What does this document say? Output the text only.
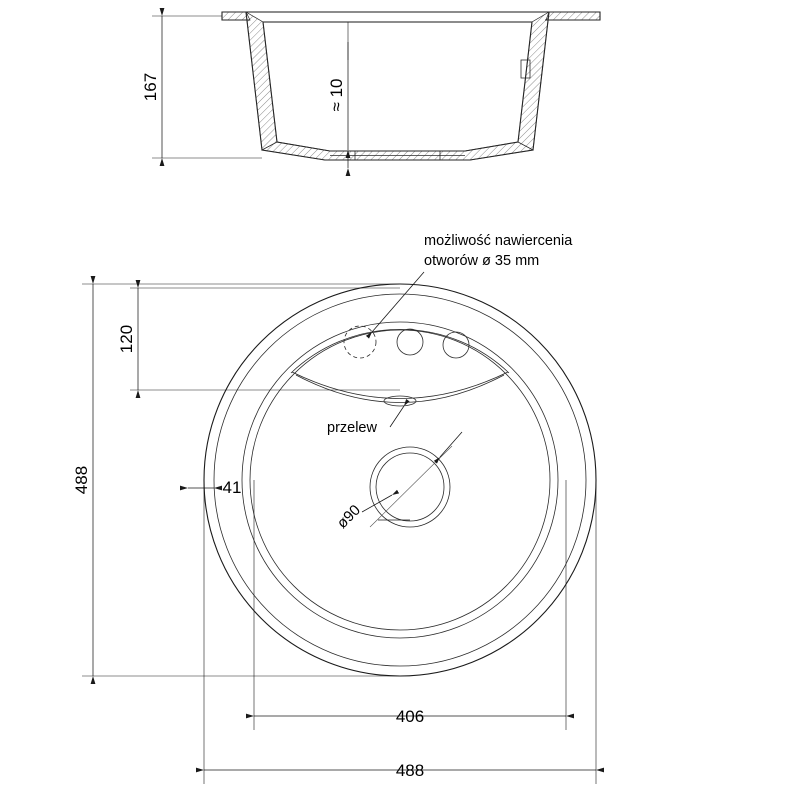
167	≈ 10
możliwość nawiercenia
otworów ø 35 mm
przelew
ø90
120
488	41
406
488
